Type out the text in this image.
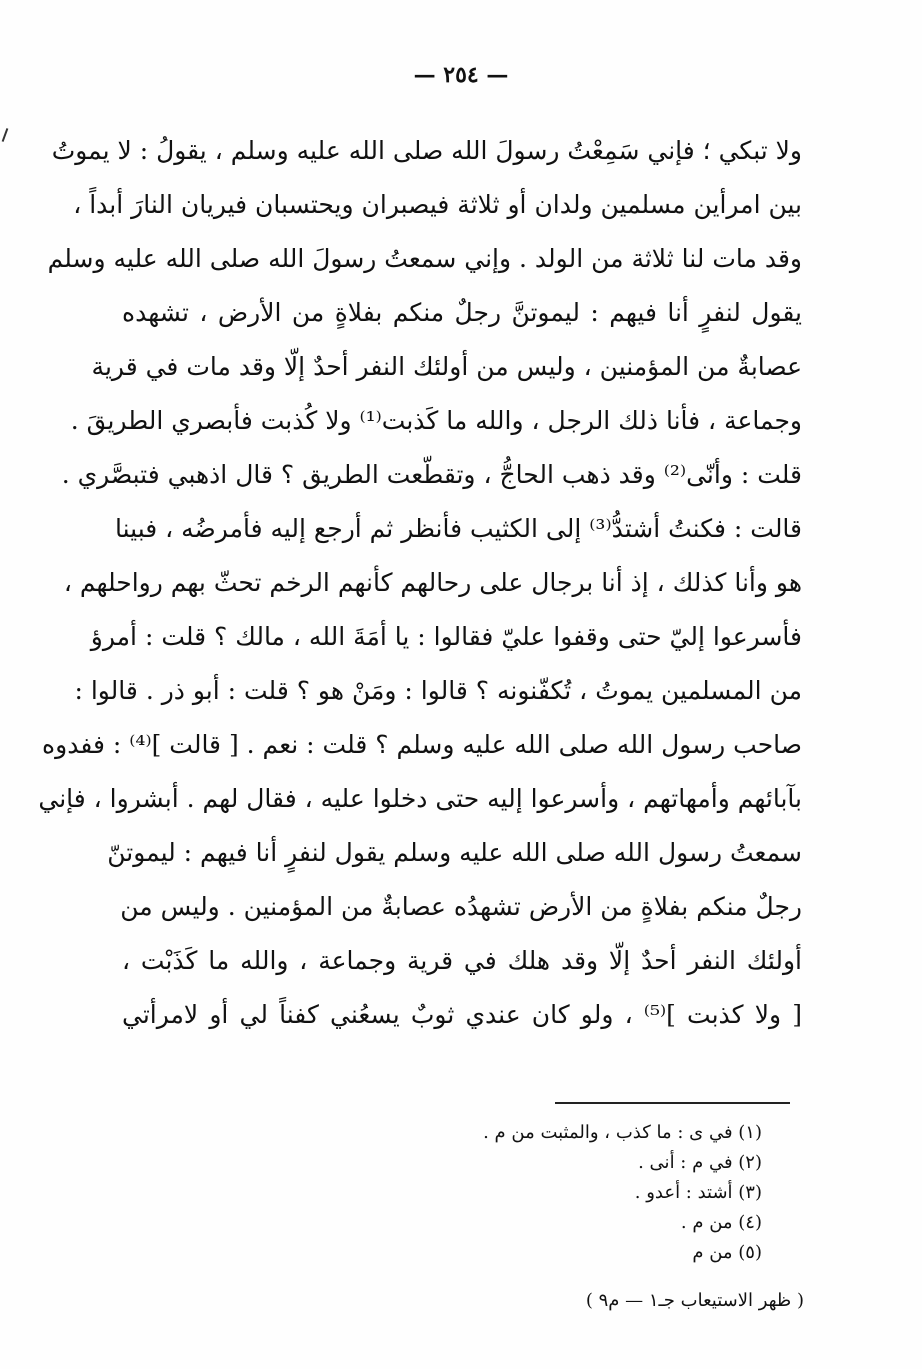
— ٢٥٤ —
ولا تبكي ؛ فإني سَمِعْتُ رسولَ الله صلى الله عليه وسلم ، يقولُ : لا يموتُ
بين امرأين مسلمين ولدان أو ثلاثة فيصبران ويحتسبان فيريان النارَ أبداً ،
وقد مات لنا ثلاثة من الولد . وإني سمعتُ رسولَ الله صلى الله عليه وسلم
يقول لنفرٍ أنا فيهم : ليموتنَّ رجلٌ منكم بفلاةٍ من الأرض ، تشهده
عصابةٌ من المؤمنين ، وليس من أولئك النفر أحدٌ إلّا وقد مات في قرية
وجماعة ، فأنا ذلك الرجل ، والله ما كَذبت⁽¹⁾ ولا كُذبت فأبصري الطريقَ .
قلت : وأنّى⁽²⁾ وقد ذهب الحاجُّ ، وتقطّعت الطريق ؟ قال اذهبي فتبصَّري .
قالت : فكنتُ أشتدُّ⁽³⁾ إلى الكثيب فأنظر ثم أرجع إليه فأمرضُه ، فبينا
هو وأنا كذلك ، إذ أنا برجال على رحالهم كأنهم الرخم تحثّ بهم رواحلهم ،
فأسرعوا إليّ حتى وقفوا عليّ فقالوا : يا أمَةَ الله ، مالك ؟ قلت : أمرؤ
من المسلمين يموتُ ، تُكفّنونه ؟ قالوا : ومَنْ هو ؟ قلت : أبو ذر . قالوا :
صاحب رسول الله صلى الله عليه وسلم ؟ قلت : نعم . [ قالت ]⁽⁴⁾ : ففدوه
بآبائهم وأمهاتهم ، وأسرعوا إليه حتى دخلوا عليه ، فقال لهم . أبشروا ، فإني
سمعتُ رسول الله صلى الله عليه وسلم يقول لنفرٍ أنا فيهم : ليموتنّ
رجلٌ منكم بفلاةٍ من الأرض تشهدُه عصابةٌ من المؤمنين . وليس من
أولئك النفر أحدٌ إلّا وقد هلك في قرية وجماعة ، والله ما كَذَبْت ،
[ ولا كذبت ]⁽⁵⁾ ، ولو كان عندي ثوبٌ يسعُني كفناً لي أو لامرأتي
(١) في ى : ما كذب ، والمثبت من م .
(٢) في م : أنى .
(٣) أشتد : أعدو .
(٤) من م .
(٥) من م
( ظهر الاستيعاب جـ١ — م٩ )
